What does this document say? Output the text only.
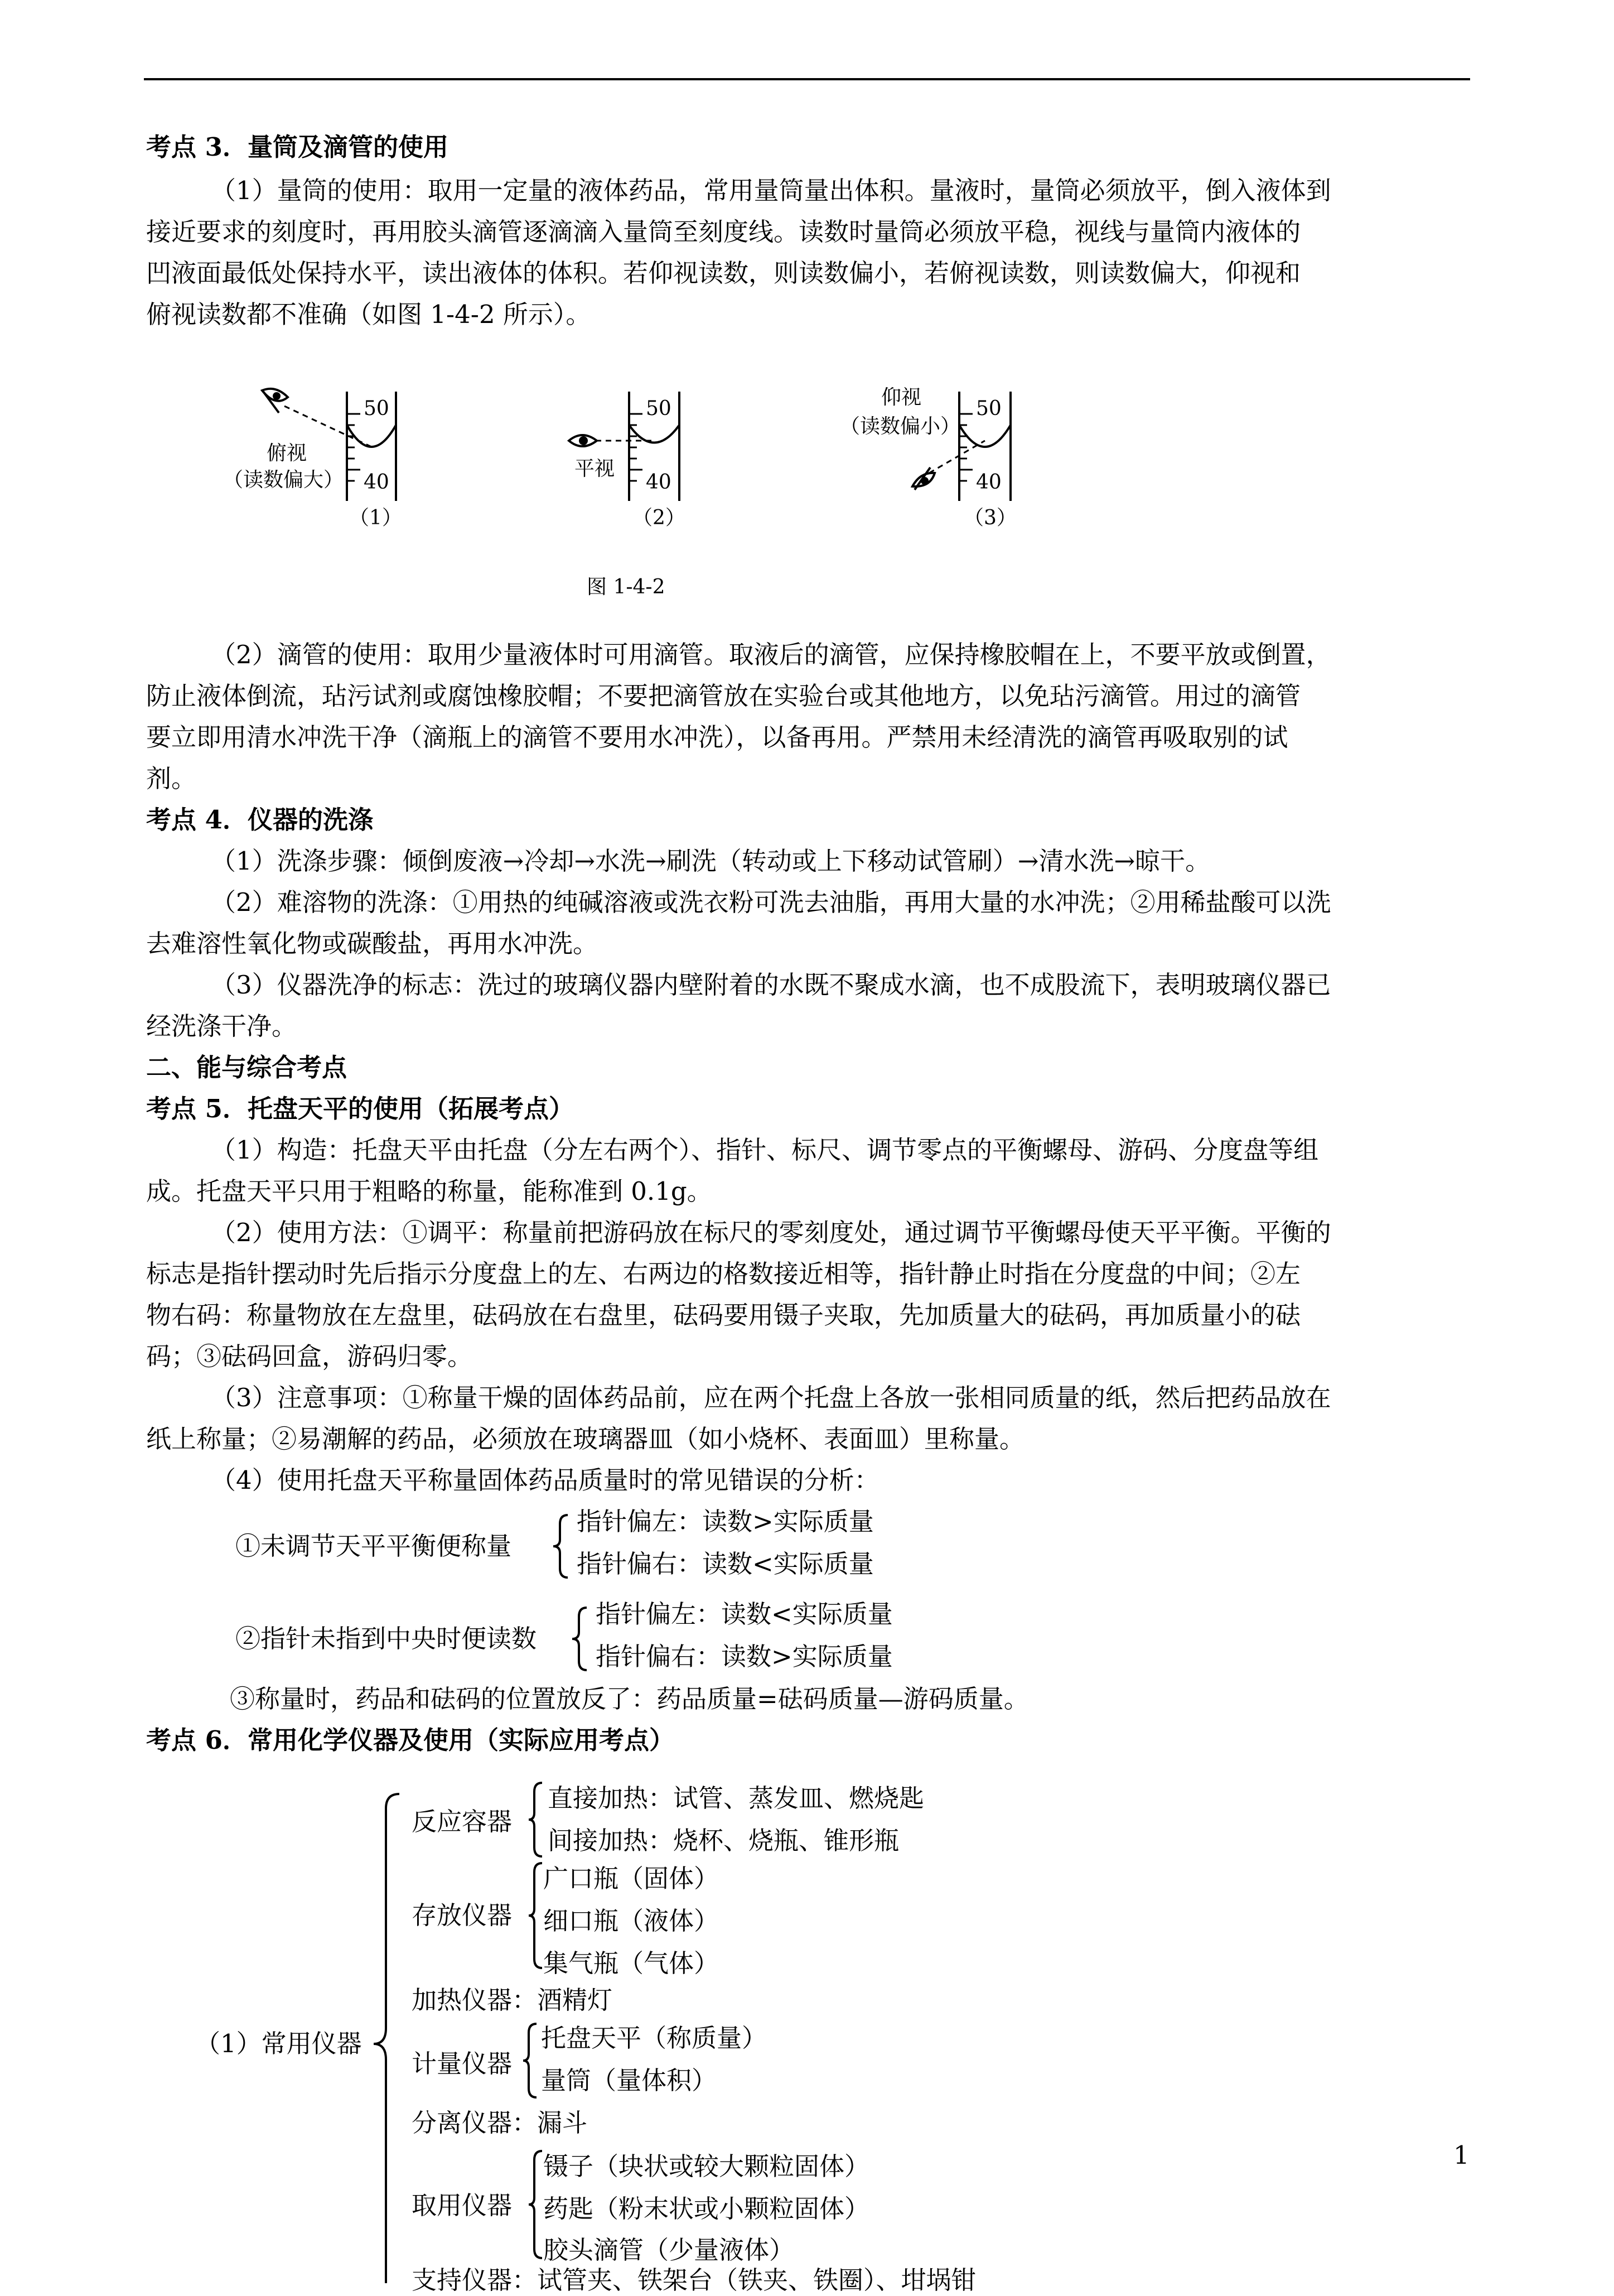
考点 3．量筒及滴管的使用
（1）量筒的使用：取用一定量的液体药品，常用量筒量出体积。量液时，量筒必须放平，倒入液体到
接近要求的刻度时，再用胶头滴管逐滴滴入量筒至刻度线。读数时量筒必须放平稳，视线与量筒内液体的
凹液面最低处保持水平，读出液体的体积。若仰视读数，则读数偏小，若俯视读数，则读数偏大，仰视和
俯视读数都不准确（如图 1-4-2 所示）。
50
40
50
40
50
40
俯视
（读数偏大）
（1）
平视
（2）
仰视
（读数偏小）
（3）
图 1-4-2
（2）滴管的使用：取用少量液体时可用滴管。取液后的滴管，应保持橡胶帽在上，不要平放或倒置，
防止液体倒流，玷污试剂或腐蚀橡胶帽；不要把滴管放在实验台或其他地方，以免玷污滴管。用过的滴管
要立即用清水冲洗干净（滴瓶上的滴管不要用水冲洗），以备再用。严禁用未经清洗的滴管再吸取别的试
剂。
考点 4．仪器的洗涤
（1）洗涤步骤：倾倒废液→冷却→水洗→刷洗（转动或上下移动试管刷）→清水洗→晾干。
（2）难溶物的洗涤：①用热的纯碱溶液或洗衣粉可洗去油脂，再用大量的水冲洗；②用稀盐酸可以洗
去难溶性氧化物或碳酸盐，再用水冲洗。
（3）仪器洗净的标志：洗过的玻璃仪器内壁附着的水既不聚成水滴，也不成股流下，表明玻璃仪器已
经洗涤干净。
二、能与综合考点
考点 5．托盘天平的使用（拓展考点）
（1）构造：托盘天平由托盘（分左右两个）、指针、标尺、调节零点的平衡螺母、游码、分度盘等组
成。托盘天平只用于粗略的称量，能称准到 0.1g。
（2）使用方法：①调平：称量前把游码放在标尺的零刻度处，通过调节平衡螺母使天平平衡。平衡的
标志是指针摆动时先后指示分度盘上的左、右两边的格数接近相等，指针静止时指在分度盘的中间；②左
物右码：称量物放在左盘里，砝码放在右盘里，砝码要用镊子夹取，先加质量大的砝码，再加质量小的砝
码；③砝码回盒，游码归零。
（3）注意事项：①称量干燥的固体药品前，应在两个托盘上各放一张相同质量的纸，然后把药品放在
纸上称量；②易潮解的药品，必须放在玻璃器皿（如小烧杯、表面皿）里称量。
（4）使用托盘天平称量固体药品质量时的常见错误的分析：
①未调节天平平衡便称量
指针偏左：读数>实际质量
指针偏右：读数<实际质量
②指针未指到中央时便读数
指针偏左：读数<实际质量
指针偏右：读数>实际质量
③称量时，药品和砝码的位置放反了：药品质量=砝码质量—游码质量。
考点 6．常用化学仪器及使用（实际应用考点）
（1）常用仪器
反应容器
直接加热：试管、蒸发皿、燃烧匙
间接加热：烧杯、烧瓶、锥形瓶
存放仪器
广口瓶（固体）
细口瓶（液体）
集气瓶（气体）
加热仪器：酒精灯
计量仪器
托盘天平（称质量）
量筒（量体积）
分离仪器：漏斗
取用仪器
镊子（块状或较大颗粒固体）
药匙（粉末状或小颗粒固体）
胶头滴管（少量液体）
支持仪器：试管夹、铁架台（铁夹、铁圈）、坩埚钳
1
